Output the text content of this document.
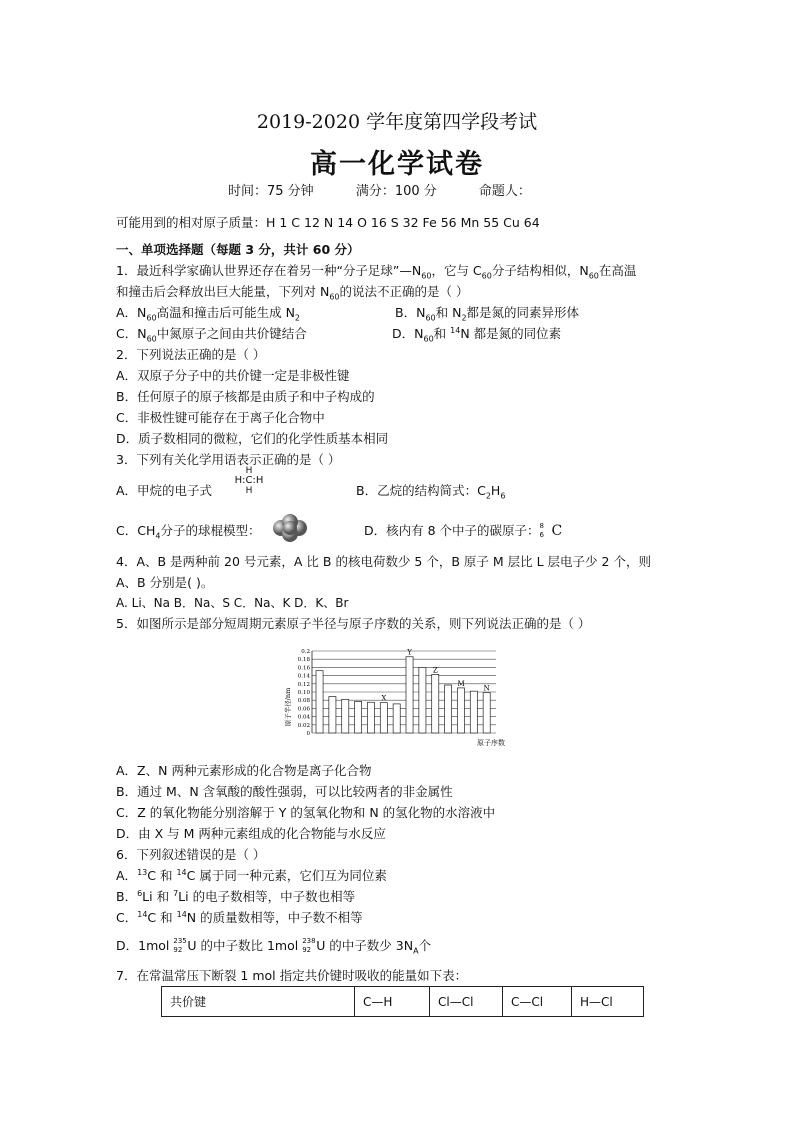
2019-2020 学年度第四学段考试
高一化学试卷
时间：75 分钟	满分：100 分	命题人：
可能用到的相对原子质量：H 1 C 12 N 14 O 16 S 32 Fe 56 Mn 55 Cu 64
一、单项选择题（每题 3 分，共计 60 分）
1．最近科学家确认世界还存在着另一种“分子足球$”—N_{60}$，它与 $C_{60}$分子结构相似，$N_{60}$在高温
和撞击后会释放出巨大能量，下列对 $N_{60}$的说法不正确的是（ ）
A．$N_{60}$高温和撞击后可能生成 $N_2$	B．$N_{60}$和 $N_2$都是氮的同素异形体
C．$N_{60}$中氮原子之间由共价键结合	D．$N_{60}$和 $^{14}$N 都是氮的同位素
2．下列说法正确的是（ ）
A．双原子分子中的共价键一定是非极性键
B．任何原子的原子核都是由质子和中子构成的
C．非极性键可能存在于离子化合物中
D．质子数相同的微粒，它们的化学性质基本相同
3．下列有关化学用语表示正确的是（ ）
A．甲烷的电子式
H
H:C:H
H	B．乙烷的结构简式：$C_2H_6$
C．$CH_4$分子的球棍模型：	D．核内有 8 个中子的碳原子： 8
6 C
4．A、B 是两种前 20 号元素，A 比 B 的核电荷数少 5 个，B 原子 M 层比 L 层电子少 2 个，则
A、B 分别是( )。
A. Li、Na B．Na、S C．Na、K D．K、Br
5．如图所示是部分短周期元素原子半径与原子序数的关系，则下列说法正确的是（ ）
0
0.02
0.04
0.06
0.08
0.10
0.12
0.14
0.16
0.18
0.2
X
Y
Z
M
N
原子半径/nm
原子序数
A．Z、N 两种元素形成的化合物是离子化合物
B．通过 M、N 含氧酸的酸性强弱，可以比较两者的非金属性
C．Z 的氧化物能分别溶解于 Y 的氢氧化物和 N 的氢化物的水溶液中
D．由 X 与 M 两种元素组成的化合物能与水反应
6．下列叙述错误的是（ ）
A．$^{13}$C 和 $^{14}$C 属于同一种元素，它们互为同位素
B．$^6$Li 和 $^7$Li 的电子数相等，中子数也相等
C．$^{14}$C 和 $^{14}$N 的质量数相等，中子数不相等
D．1mol 235
92 U 的中子数比 1mol 238
92 U 的中子数少 $3N_A$个
7．在常温常压下断裂 1 mol 指定共价键时吸收的能量如下表：
共价键	C—H	Cl—Cl	C—Cl	H—Cl
